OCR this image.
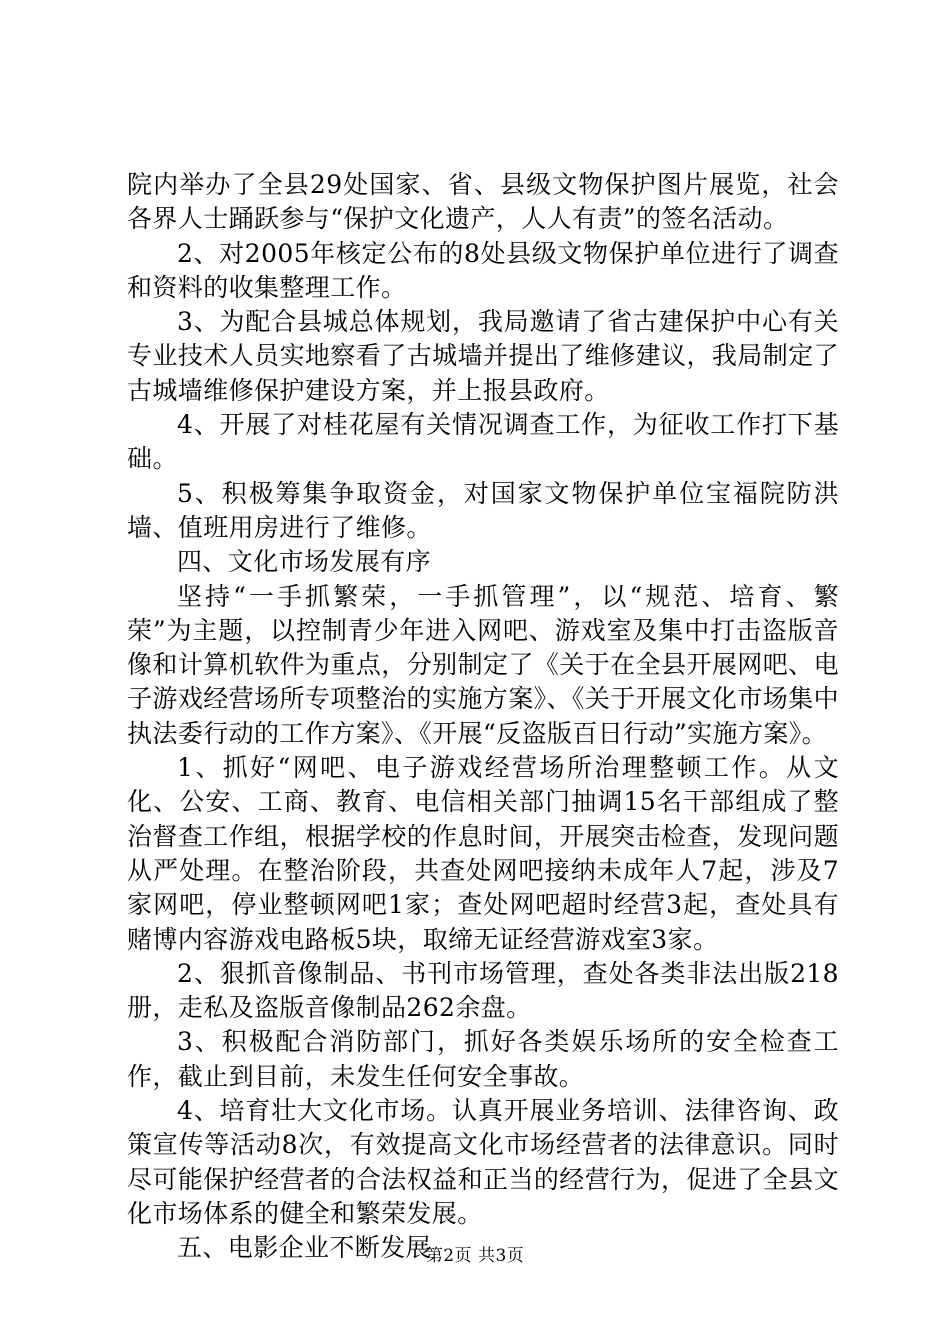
院内举办了全县29处国家、省、县级文物保护图片展览，社会各界人士踊跃参与“保护文化遗产，人人有责”的签名活动。

2、对2005年核定公布的8处县级文物保护单位进行了调查和资料的收集整理工作。

3、为配合县城总体规划，我局邀请了省古建保护中心有关专业技术人员实地察看了古城墙并提出了维修建议，我局制定了古城墙维修保护建设方案，并上报县政府。

4、开展了对桂花屋有关情况调查工作，为征收工作打下基础。

5、积极筹集争取资金，对国家文物保护单位宝福院防洪墙、值班用房进行了维修。

四、文化市场发展有序

坚持“一手抓繁荣，一手抓管理”，以“规范、培育、繁荣”为主题，以控制青少年进入网吧、游戏室及集中打击盗版音像和计算机软件为重点，分别制定了《关于在全县开展网吧、电子游戏经营场所专项整治的实施方案》、《关于开展文化市场集中执法委行动的工作方案》、《开展“反盗版百日行动”实施方案》。

1、抓好“网吧、电子游戏经营场所治理整顿工作。从文化、公安、工商、教育、电信相关部门抽调15名干部组成了整治督查工作组，根据学校的作息时间，开展突击检查，发现问题从严处理。在整治阶段，共查处网吧接纳未成年人7起，涉及7家网吧，停业整顿网吧1家；查处网吧超时经营3起，查处具有赌博内容游戏电路板5块，取缔无证经营游戏室3家。

2、狠抓音像制品、书刊市场管理，查处各类非法出版218册，走私及盗版音像制品262余盘。

3、积极配合消防部门，抓好各类娱乐场所的安全检查工作，截止到目前，未发生任何安全事故。

4、培育壮大文化市场。认真开展业务培训、法律咨询、政策宣传等活动8次，有效提高文化市场经营者的法律意识。同时尽可能保护经营者的合法权益和正当的经营行为，促进了全县文化市场体系的健全和繁荣发展。

五、电影企业不断发展

第2页 共3页
